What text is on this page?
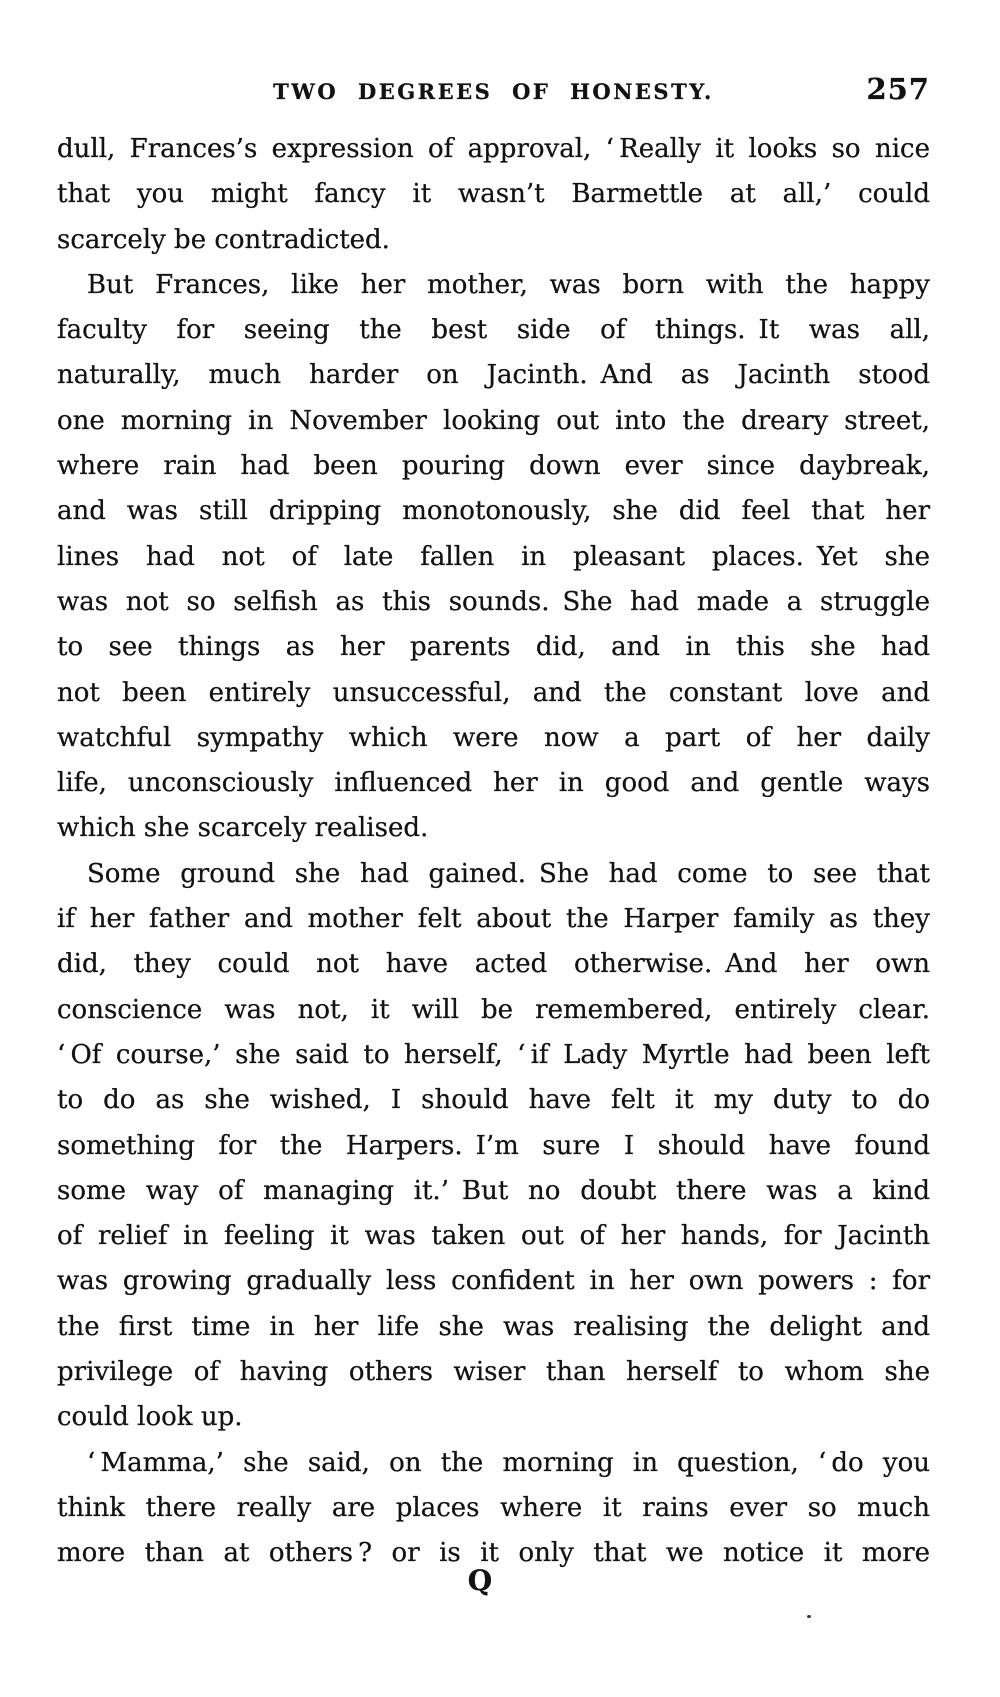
TWO DEGREES OF HONESTY.	257
dull, Frances’s expression of approval, ‘ Really it looks so nice
that you might fancy it wasn’t Barmettle at all,’ could
scarcely be contradicted.
But Frances, like her mother, was born with the happy
faculty for seeing the best side of things. It was all,
naturally, much harder on Jacinth. And as Jacinth stood
one morning in November looking out into the dreary street,
where rain had been pouring down ever since daybreak,
and was still dripping monotonously, she did feel that her
lines had not of late fallen in pleasant places. Yet she
was not so selfish as this sounds. She had made a struggle
to see things as her parents did, and in this she had
not been entirely unsuccessful, and the constant love and
watchful sympathy which were now a part of her daily
life, unconsciously influenced her in good and gentle ways
which she scarcely realised.
Some ground she had gained. She had come to see that
if her father and mother felt about the Harper family as they
did, they could not have acted otherwise. And her own
conscience was not, it will be remembered, entirely clear.
‘ Of course,’ she said to herself, ‘ if Lady Myrtle had been left
to do as she wished, I should have felt it my duty to do
something for the Harpers. I’m sure I should have found
some way of managing it.’ But no doubt there was a kind
of relief in feeling it was taken out of her hands, for Jacinth
was growing gradually less confident in her own powers : for
the first time in her life she was realising the delight and
privilege of having others wiser than herself to whom she
could look up.
‘ Mamma,’ she said, on the morning in question, ‘ do you
think there really are places where it rains ever so much
more than at others ? or is it only that we notice it more
Q
